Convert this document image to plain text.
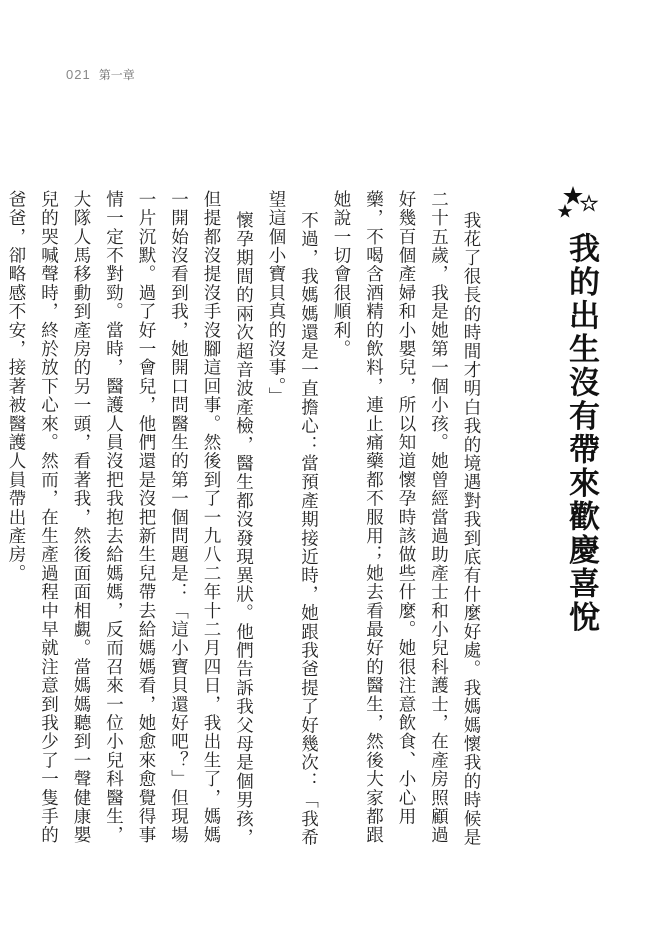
021 第一章
我的出生沒有帶來歡慶喜悅

我花了很長的時間才明白我的境遇對我到底有什麼好處。我媽媽懷我的時候是二十五歲，我是她第一個小孩。她曾經當過助產士和小兒科護士，在產房照顧過好幾百個產婦和小嬰兒，所以知道懷孕時該做些什麼。她很注意飲食、小心用藥，不喝含酒精的飲料，連止痛藥都不服用；她去看最好的醫生，然後大家都跟她說一切會很順利。

不過，我媽媽還是一直擔心：當預產期接近時，她跟我爸提了好幾次：「我希望這個小寶貝真的沒事。」

懷孕期間的兩次超音波產檢，醫生都沒發現異狀。他們告訴我父母是個男孩，但提都沒提沒手沒腳這回事。然後到了一九八二年十二月四日，我出生了，媽媽一開始沒看到我，她開口問醫生的第一個問題是：「這小寶貝還好吧？」但現場一片沉默。過了好一會兒，他們還是沒把新生兒帶去給媽媽看，她愈來愈覺得事情一定不對勁。當時，醫護人員沒把我抱去給媽媽，反而召來一位小兒科醫生，大隊人馬移動到產房的另一頭，看著我，然後面面相覷。當媽媽聽到一聲健康嬰兒的哭喊聲時，終於放下心來。然而，在生產過程中早就注意到我少了一隻手的爸爸，卻略感不安，接著被醫護人員帶出產房。
